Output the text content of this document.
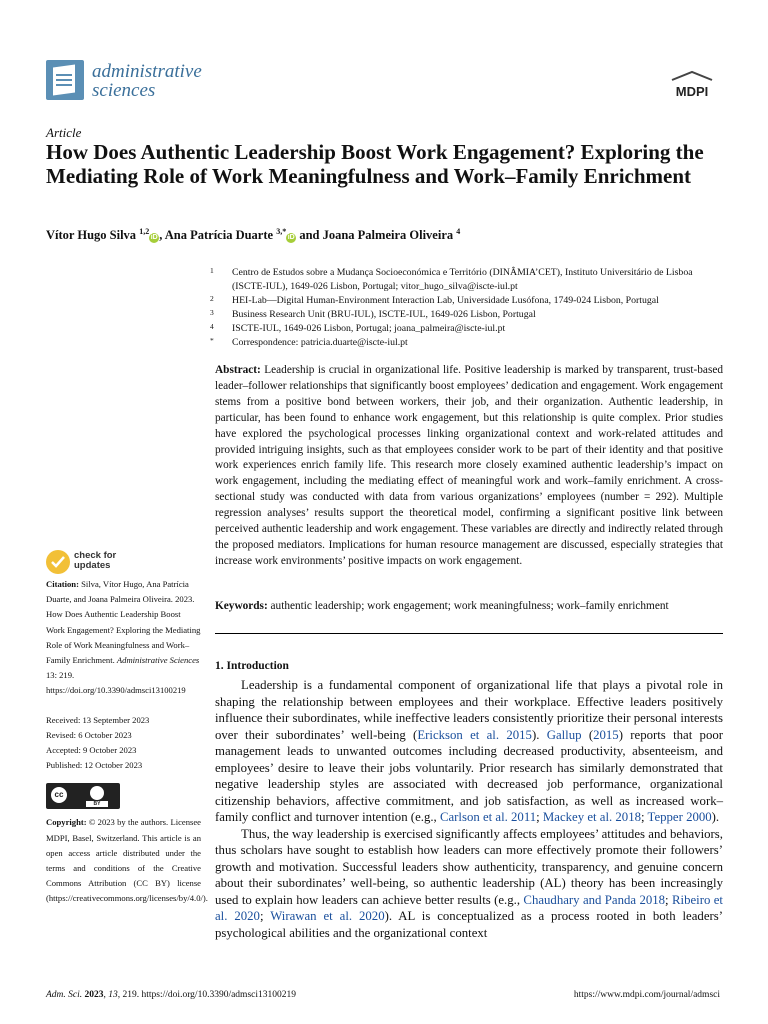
administrative
sciences	MDPI
Article
How Does Authentic Leadership Boost Work Engagement? Exploring the Mediating Role of Work Meaningfulness and Work–Family Enrichment
Vítor Hugo Silva $^{1,2}$iD , Ana Patrícia Duarte $^{3,*}$iD and Joana Palmeira Oliveira $^4$
1 Centro de Estudos sobre a Mudança Socioeconómica e Território (DINÂMIA’CET), Instituto Universitário de Lisboa (ISCTE-IUL), 1649-026 Lisbon, Portugal; vitor_hugo_silva@iscte-iul.pt
2 HEI-Lab—Digital Human-Environment Interaction Lab, Universidade Lusófona, 1749-024 Lisbon, Portugal
3 Business Research Unit (BRU-IUL), ISCTE-IUL, 1649-026 Lisbon, Portugal
4 ISCTE-IUL, 1649-026 Lisbon, Portugal; joana_palmeira@iscte-iul.pt
* Correspondence: patricia.duarte@iscte-iul.pt
Abstract: Leadership is crucial in organizational life. Positive leadership is marked by transparent, trust-based leader–follower relationships that significantly boost employees’ dedication and engagement. Work engagement stems from a positive bond between workers, their job, and their organization. Authentic leadership, in particular, has been found to enhance work engagement, but this relationship is quite complex. Prior studies have explored the psychological processes linking organizational context and work-related attitudes and provided intriguing insights, such as that employees consider work to be part of their identity and that positive work experiences enrich family life. This research more closely examined authentic leadership’s impact on work engagement, including the mediating effect of meaningful work and work–family enrichment. A cross-sectional study was conducted with data from various organizations’ employees (number = 292). Multiple regression analyses’ results support the theoretical model, confirming a significant positive link between perceived authentic leadership and work engagement. These variables are directly and indirectly related through the proposed mediators. Implications for human resource management are discussed, especially strategies that increase work environments’ positive impacts on work engagement.
Keywords: authentic leadership; work engagement; work meaningfulness; work–family enrichment
check for
updates
Citation: Silva, Vítor Hugo, Ana Patrícia Duarte, and Joana Palmeira Oliveira. 2023. How Does Authentic Leadership Boost Work Engagement? Exploring the Mediating Role of Work Meaningfulness and Work–Family Enrichment. Administrative Sciences 13: 219. https://doi.org/10.3390/admsci13100219
Received: 13 September 2023
Revised: 6 October 2023
Accepted: 9 October 2023
Published: 12 October 2023
cc
BY
Copyright: © 2023 by the authors. Licensee MDPI, Basel, Switzerland. This article is an open access article distributed under the terms and conditions of the Creative Commons Attribution (CC BY) license (https://creativecommons.org/licenses/by/4.0/).
1. Introduction

Leadership is a fundamental component of organizational life that plays a pivotal role in shaping the relationship between employees and their workplace. Effective leaders positively influence their subordinates, while ineffective leaders consistently prioritize their personal interests over their subordinates’ well-being (Erickson et al. 2015). Gallup (2015) reports that poor management leads to unwanted outcomes including decreased productivity, absenteeism, and employees’ desire to leave their jobs voluntarily. Prior research has similarly demonstrated that negative leadership styles are associated with decreased job performance, organizational citizenship behaviors, affective commitment, and job satisfaction, as well as increased work–family conflict and turnover intention (e.g., Carlson et al. 2011; Mackey et al. 2018; Tepper 2000).

Thus, the way leadership is exercised significantly affects employees’ attitudes and behaviors, thus scholars have sought to establish how leaders can more effectively promote their followers’ growth and motivation. Successful leaders show authenticity, transparency, and genuine concern about their subordinates’ well-being, so authentic leadership (AL) theory has been increasingly used to explain how leaders can achieve better results (e.g., Chaudhary and Panda 2018; Ribeiro et al. 2020; Wirawan et al. 2020). AL is conceptualized as a process rooted in both leaders’ psychological abilities and the organizational context

Adm. Sci. 2023, 13, 219. https://doi.org/10.3390/admsci13100219	https://www.mdpi.com/journal/admsci
